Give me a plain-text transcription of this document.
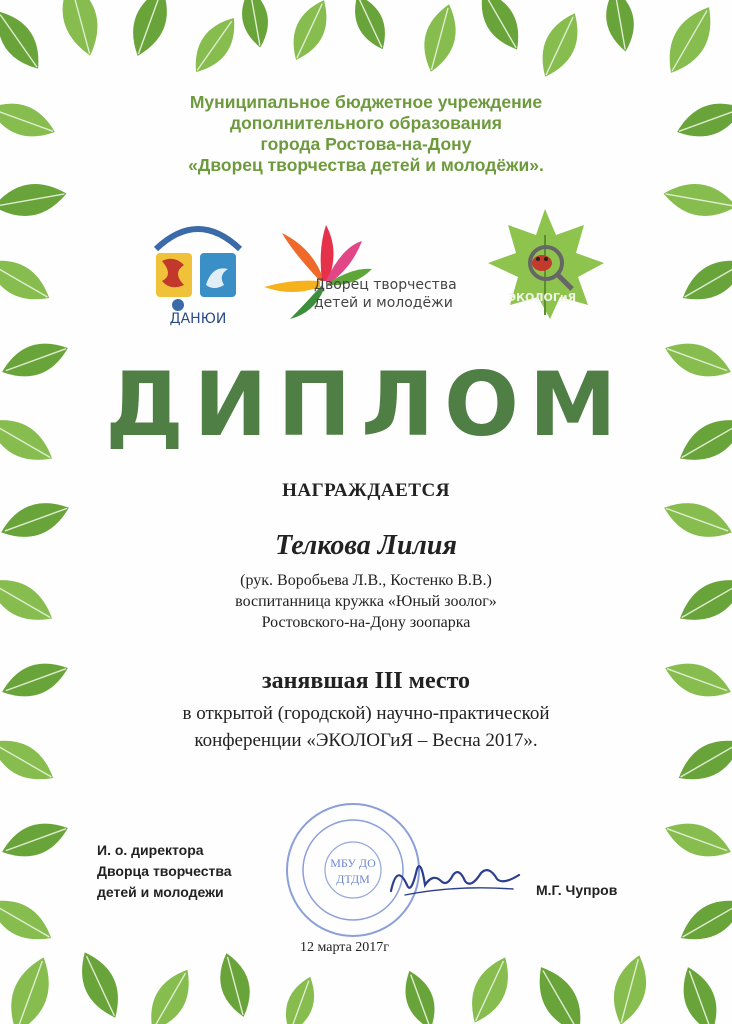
Муниципальное бюджетное учреждение
дополнительного образования
города Ростова-на-Дону
«Дворец творчества детей и молодёжи».
ДАНЮИ
Дворец творчества
детей и молодёжи	ЭКОЛОГиЯ
ДИПЛОМ
НАГРАЖДАЕТСЯ
Телкова Лилия
(рук. Воробьева Л.В., Костенко В.В.)
воспитанница кружка «Юный зоолог»
Ростовского-на-Дону зоопарка
занявшая III место
в открытой (городской) научно-практической
конференции «ЭКОЛОГиЯ – Весна 2017».
И. о. директора
Дворца творчества
детей и молодежи
МБУ ДО
ДТДМ
М.Г. Чупров
12 марта 2017г
